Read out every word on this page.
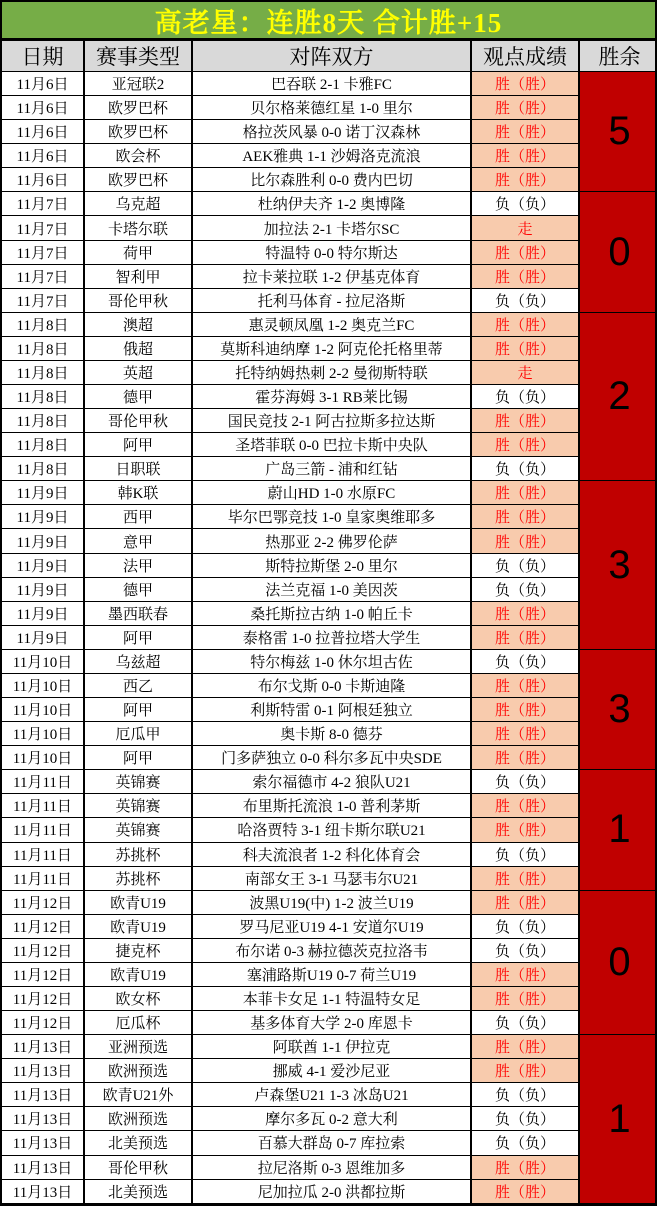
高老星：连胜8天 合计胜+15
日期	赛事类型	对阵双方	观点成绩	胜余
11月6日	亚冠联2	巴吞联 2-1 卡雅FC	胜（胜）	5
11月6日	欧罗巴杯	贝尔格莱德红星 1-0 里尔	胜（胜）	
11月6日	欧罗巴杯	格拉茨风暴 0-0 诺丁汉森林	胜（胜）	
11月6日	欧会杯	AEK雅典 1-1 沙姆洛克流浪	胜（胜）	
11月6日	欧罗巴杯	比尔森胜利 0-0 费内巴切	胜（胜）	
11月7日	乌克超	杜纳伊夫齐 1-2 奥博隆	负（负）	0
11月7日	卡塔尔联	加拉法 2-1 卡塔尔SC	走	
11月7日	荷甲	特温特 0-0 特尔斯达	胜（胜）	
11月7日	智利甲	拉卡莱拉联 1-2 伊基克体育	胜（胜）	
11月7日	哥伦甲秋	托利马体育 - 拉尼洛斯	负（负）	
11月8日	澳超	惠灵顿凤凰 1-2 奥克兰FC	胜（胜）	2
11月8日	俄超	莫斯科迪纳摩 1-2 阿克伦托格里蒂	胜（胜）	
11月8日	英超	托特纳姆热刺 2-2 曼彻斯特联	走	
11月8日	德甲	霍芬海姆 3-1 RB莱比锡	负（负）	
11月8日	哥伦甲秋	国民竞技 2-1 阿古拉斯多拉达斯	胜（胜）	
11月8日	阿甲	圣塔菲联 0-0 巴拉卡斯中央队	胜（胜）	
11月8日	日职联	广岛三箭 - 浦和红钻	负（负）	
11月9日	韩K联	蔚山HD 1-0 水原FC	胜（胜）	3
11月9日	西甲	毕尔巴鄂竞技 1-0 皇家奥维耶多	胜（胜）	
11月9日	意甲	热那亚 2-2 佛罗伦萨	胜（胜）	
11月9日	法甲	斯特拉斯堡 2-0 里尔	负（负）	
11月9日	德甲	法兰克福 1-0 美因茨	负（负）	
11月9日	墨西联春	桑托斯拉古纳 1-0 帕丘卡	胜（胜）	
11月9日	阿甲	泰格雷 1-0 拉普拉塔大学生	胜（胜）	
11月10日	乌兹超	特尔梅兹 1-0 休尔坦古佐	负（负）	3
11月10日	西乙	布尔戈斯 0-0 卡斯迪隆	胜（胜）	
11月10日	阿甲	利斯特雷 0-1 阿根廷独立	胜（胜）	
11月10日	厄瓜甲	奥卡斯 8-0 德芬	胜（胜）	
11月10日	阿甲	门多萨独立 0-0 科尔多瓦中央SDE	胜（胜）	
11月11日	英锦赛	索尔福德市 4-2 狼队U21	负（负）	1
11月11日	英锦赛	布里斯托流浪 1-0 普利茅斯	胜（胜）	
11月11日	英锦赛	哈洛贾特 3-1 纽卡斯尔联U21	胜（胜）	
11月11日	苏挑杯	科夫流浪者 1-2 科化体育会	负（负）	
11月11日	苏挑杯	南部女王 3-1 马瑟韦尔U21	胜（胜）	
11月12日	欧青U19	波黑U19(中) 1-2 波兰U19	胜（胜）	0
11月12日	欧青U19	罗马尼亚U19 4-1 安道尔U19	负（负）	
11月12日	捷克杯	布尔诺 0-3 赫拉德茨克拉洛韦	负（负）	
11月12日	欧青U19	塞浦路斯U19 0-7 荷兰U19	胜（胜）	
11月12日	欧女杯	本菲卡女足 1-1 特温特女足	胜（胜）	
11月12日	厄瓜杯	基多体育大学 2-0 库恩卡	负（负）	
11月13日	亚洲预选	阿联酋 1-1 伊拉克	胜（胜）	1
11月13日	欧洲预选	挪威 4-1 爱沙尼亚	胜（胜）	
11月13日	欧青U21外	卢森堡U21 1-3 冰岛U21	负（负）	
11月13日	欧洲预选	摩尔多瓦 0-2 意大利	负（负）	
11月13日	北美预选	百慕大群岛 0-7 库拉索	负（负）	
11月13日	哥伦甲秋	拉尼洛斯 0-3 恩维加多	胜（胜）	
11月13日	北美预选	尼加拉瓜 2-0 洪都拉斯	胜（胜）	
